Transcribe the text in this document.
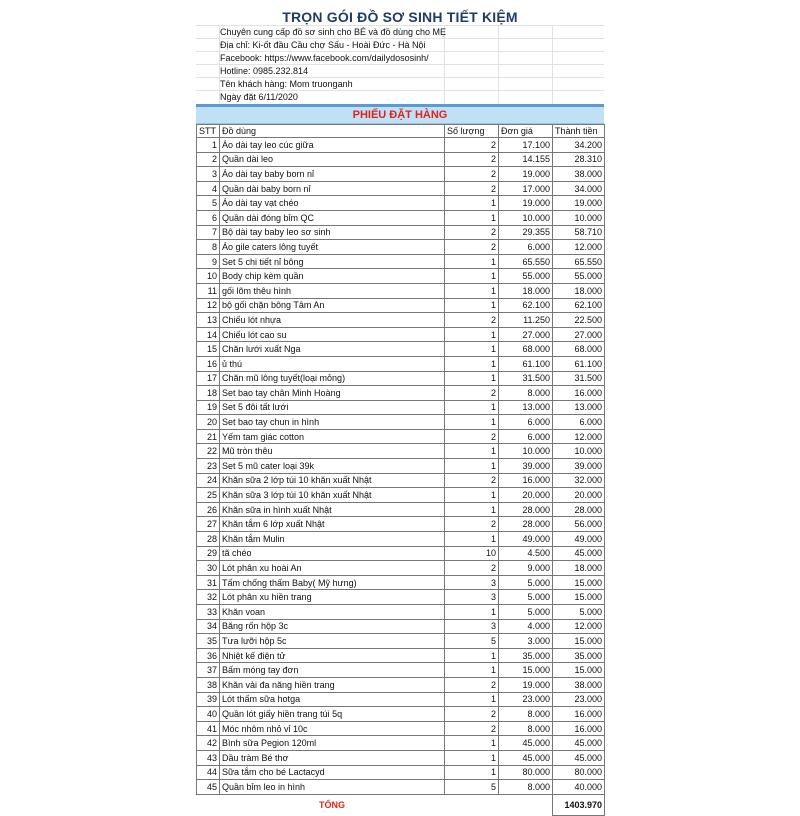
TRỌN GÓI ĐỒ SƠ SINH TIẾT KIỆM
Chuyên cung cấp đồ sơ sinh cho BÉ và đồ dùng cho MẸ
Địa chỉ: Ki-ốt đầu Cầu chợ Sấu - Hoài Đức - Hà Nội
Facebook: https://www.facebook.com/dailydososinh/
Hotline: 0985.232.814
Tên khách hàng: Mom truonganh
Ngày đặt 6/11/2020
PHIẾU ĐẶT HÀNG
STT	Đồ dùng	Số lượng	Đơn giá	Thành tiền
1	Áo dài tay leo cúc giữa	2	17.100	34.200
2	Quần dài leo	2	14.155	28.310
3	Áo dài tay baby born nỉ	2	19.000	38.000
4	Quần dài baby born nỉ	2	17.000	34.000
5	Áo dài tay vạt chéo	1	19.000	19.000
6	Quần dài đóng bỉm QC	1	10.000	10.000
7	Bộ dài tay baby leo sơ sinh	2	29.355	58.710
8	Áo gile caters lông tuyết	2	6.000	12.000
9	Set 5 chi tiết nỉ bông	1	65.550	65.550
10	Body chip kèm quần	1	55.000	55.000
11	gối lõm thêu hình	1	18.000	18.000
12	bộ gối chặn bông Tâm An	1	62.100	62.100
13	Chiếu lót nhựa	2	11.250	22.500
14	Chiếu lót cao su	1	27.000	27.000
15	Chăn lưới xuất Nga	1	68.000	68.000
16	ủ thú	1	61.100	61.100
17	Chăn mũ lông tuyết(loại mỏng)	1	31.500	31.500
18	Set bao tay chân Minh Hoàng	2	8.000	16.000
19	Set 5 đôi tất lưới	1	13.000	13.000
20	Set bao tay chun in hình	1	6.000	6.000
21	Yếm tam giác cotton	2	6.000	12.000
22	Mũ tròn thêu	1	10.000	10.000
23	Set 5 mũ cater loại 39k	1	39.000	39.000
24	Khăn sữa 2 lớp túi 10 khăn xuất Nhật	2	16.000	32.000
25	Khăn sữa 3 lớp túi 10 khăn xuất Nhật	1	20.000	20.000
26	Khăn sữa in hình xuất Nhật	1	28.000	28.000
27	Khăn tắm 6 lớp xuất Nhật	2	28.000	56.000
28	Khăn tắm Mulin	1	49.000	49.000
29	tã chéo	10	4.500	45.000
30	Lót phân xu hoài An	2	9.000	18.000
31	Tấm chống thấm Baby( Mỹ hưng)	3	5.000	15.000
32	Lót phân xu hiền trang	3	5.000	15.000
33	Khăn voan	1	5.000	5.000
34	Băng rốn hộp 3c	3	4.000	12.000
35	Tưa lưỡi hộp 5c	5	3.000	15.000
36	Nhiệt kế điện tử	1	35.000	35.000
37	Bấm móng tay đơn	1	15.000	15.000
38	Khăn vải đa năng hiền trang	2	19.000	38.000
39	Lót thấm sữa hotga	1	23.000	23.000
40	Quần lót giấy hiền trang túi 5q	2	8.000	16.000
41	Móc nhôm nhỏ vỉ 10c	2	8.000	16.000
42	Bình sữa Pegion 120ml	1	45.000	45.000
43	Dầu tràm Bé thơ	1	45.000	45.000
44	Sữa tắm cho bé Lactacyd	1	80.000	80.000
45	Quần bỉm leo in hình	5	8.000	40.000
	TỔNG			1403.970
